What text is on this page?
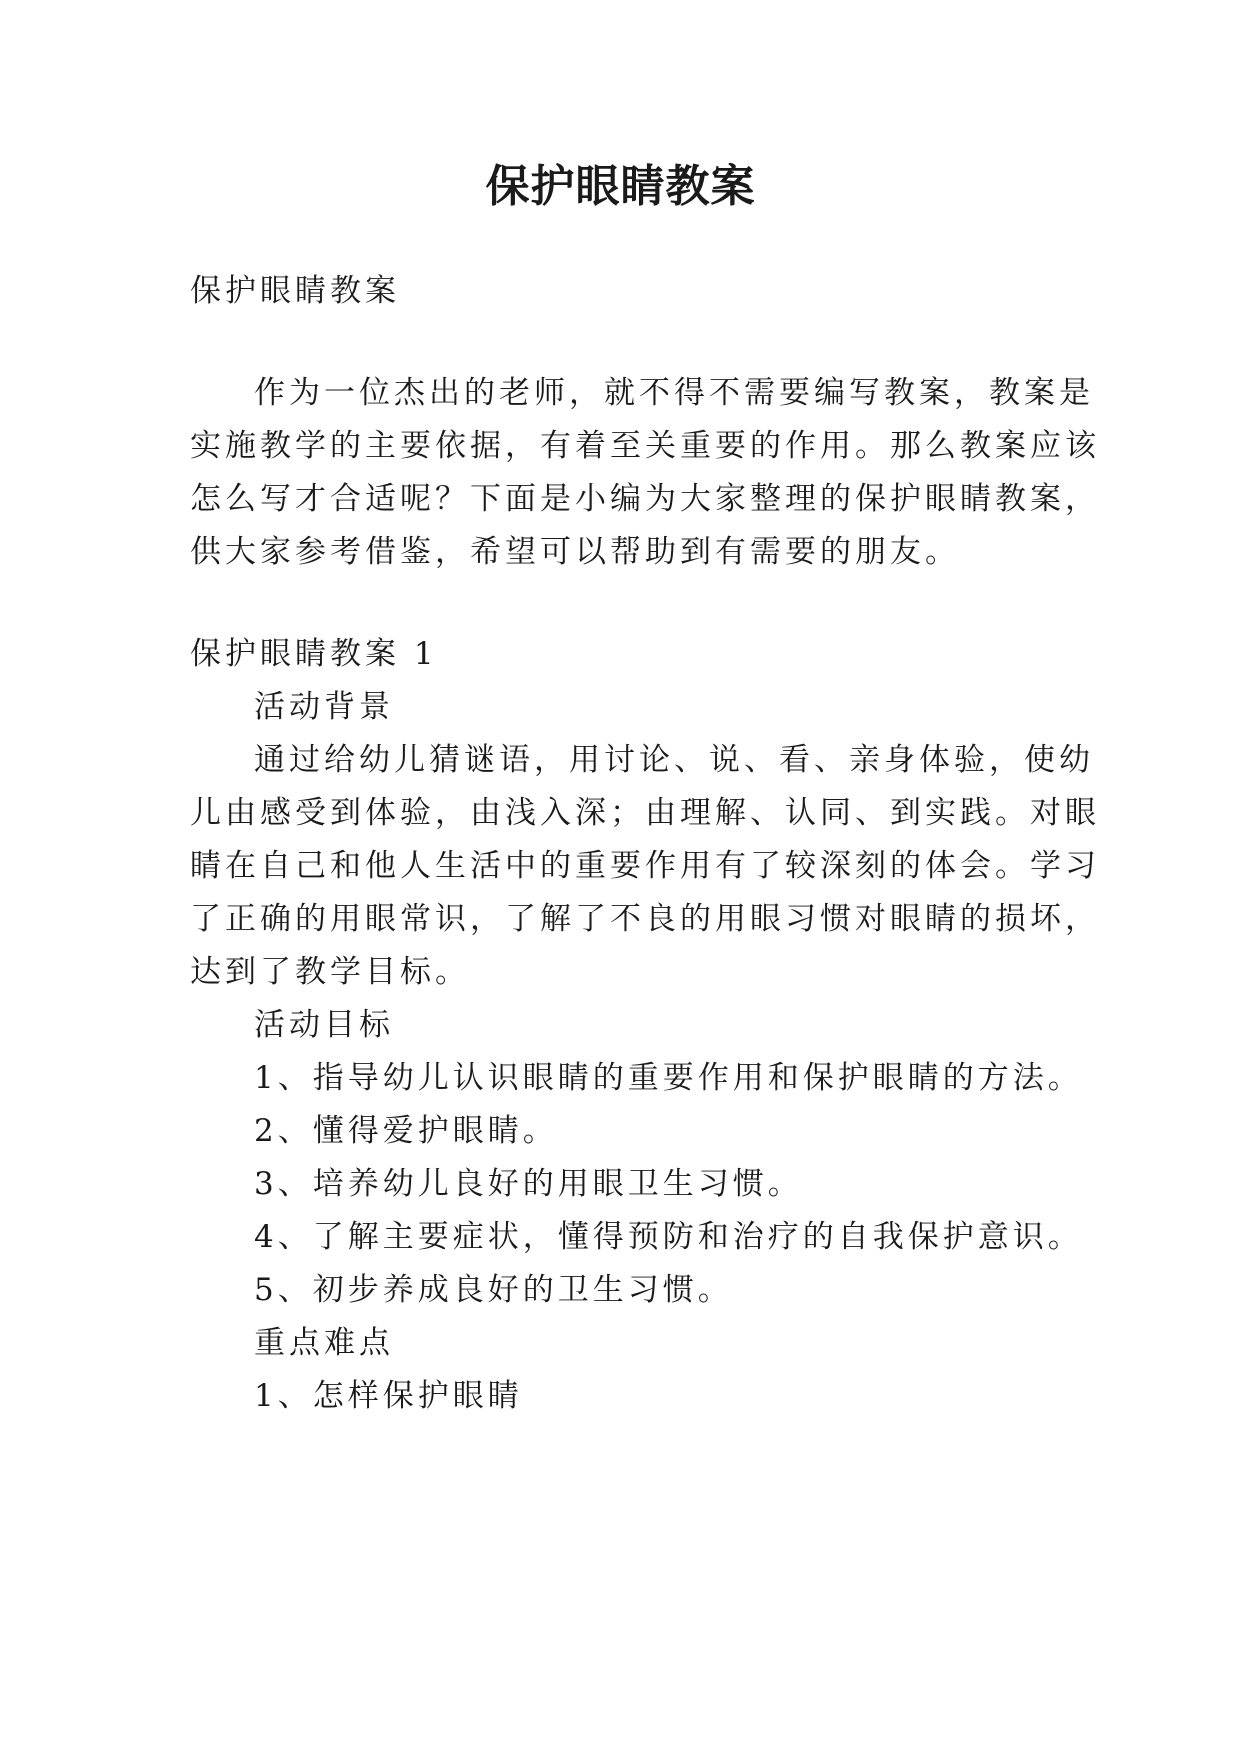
保护眼睛教案
保护眼睛教案
作为一位杰出的老师，就不得不需要编写教案，教案是
实施教学的主要依据，有着至关重要的作用。那么教案应该
怎么写才合适呢？下面是小编为大家整理的保护眼睛教案，
供大家参考借鉴，希望可以帮助到有需要的朋友。
保护眼睛教案 1
活动背景
通过给幼儿猜谜语，用讨论、说、看、亲身体验，使幼
儿由感受到体验，由浅入深；由理解、认同、到实践。对眼
睛在自己和他人生活中的重要作用有了较深刻的体会。学习
了正确的用眼常识，了解了不良的用眼习惯对眼睛的损坏，
达到了教学目标。
活动目标
1、指导幼儿认识眼睛的重要作用和保护眼睛的方法。
2、懂得爱护眼睛。
3、培养幼儿良好的用眼卫生习惯。
4、了解主要症状，懂得预防和治疗的自我保护意识。
5、初步养成良好的卫生习惯。
重点难点
1、怎样保护眼睛
